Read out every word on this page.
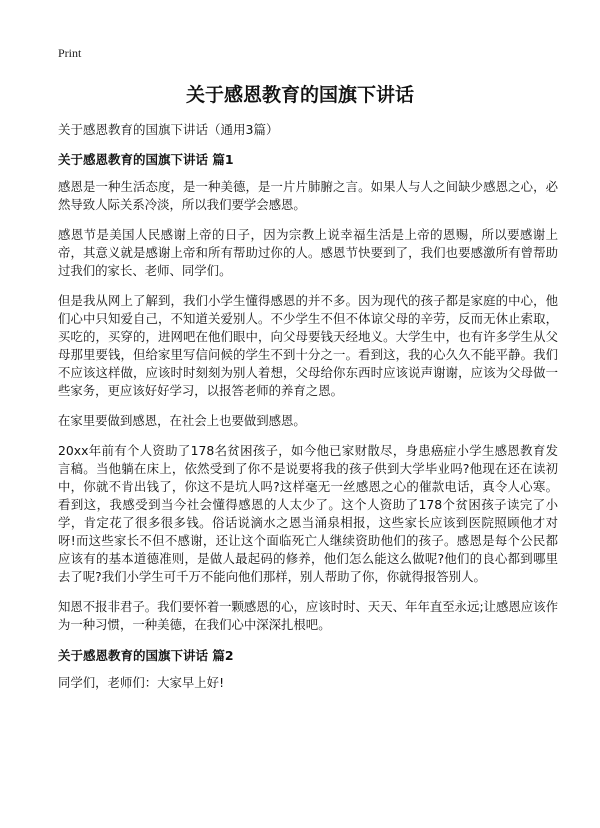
Print
关于感恩教育的国旗下讲话
关于感恩教育的国旗下讲话（通用3篇）
关于感恩教育的国旗下讲话 篇1

感恩是一种生活态度，是一种美德，是一片片肺腑之言。如果人与人之间缺少感恩之心，必然导致人际关系冷淡，所以我们要学会感恩。

感恩节是美国人民感谢上帝的日子，因为宗教上说幸福生活是上帝的恩赐，所以要感谢上帝，其意义就是感谢上帝和所有帮助过你的人。感恩节快要到了，我们也要感激所有曾帮助过我们的家长、老师、同学们。

但是我从网上了解到，我们小学生懂得感恩的并不多。因为现代的孩子都是家庭的中心，他们心中只知爱自己，不知道关爱别人。不少学生不但不体谅父母的辛劳，反而无休止索取，买吃的，买穿的，进网吧在他们眼中，向父母要钱天经地义。大学生中，也有许多学生从父母那里要钱，但给家里写信问候的学生不到十分之一。看到这，我的心久久不能平静。我们不应该这样做，应该时时刻刻为别人着想，父母给你东西时应该说声谢谢，应该为父母做一些家务，更应该好好学习，以报答老师的养育之恩。

在家里要做到感恩，在社会上也要做到感恩。

20xx年前有个人资助了178名贫困孩子，如今他已家财散尽，身患癌症小学生感恩教育发言稿。当他躺在床上，依然受到了你不是说要将我的孩子供到大学毕业吗?他现在还在读初中，你就不肯出钱了，你这不是坑人吗?这样毫无一丝感恩之心的催款电话，真令人心寒。看到这，我感受到当今社会懂得感恩的人太少了。这个人资助了178个贫困孩子读完了小学，肯定花了很多很多钱。俗话说滴水之恩当涌泉相报，这些家长应该到医院照顾他才对呀!而这些家长不但不感谢，还让这个面临死亡人继续资助他们的孩子。感恩是每个公民都应该有的基本道德准则，是做人最起码的修养，他们怎么能这么做呢?他们的良心都到哪里去了呢?我们小学生可千万不能向他们那样，别人帮助了你，你就得报答别人。

知恩不报非君子。我们要怀着一颗感恩的心，应该时时、天天、年年直至永远;让感恩应该作为一种习惯，一种美德，在我们心中深深扎根吧。

关于感恩教育的国旗下讲话 篇2

同学们，老师们：大家早上好!
